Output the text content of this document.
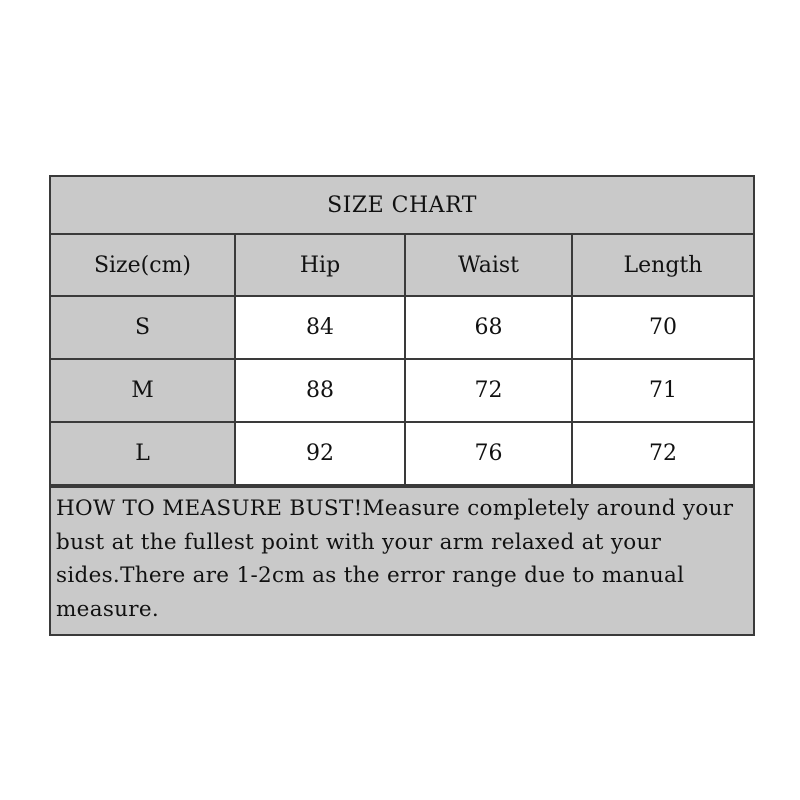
SIZE CHART
Size(cm)	Hip	Waist	Length
S	84	68	70
M	88	72	71
L	92	76	72
HOW TO MEASURE BUST!Measure completely around your bust at the fullest point with your arm relaxed at your sides.There are 1-2cm as the error range due to manual measure.
